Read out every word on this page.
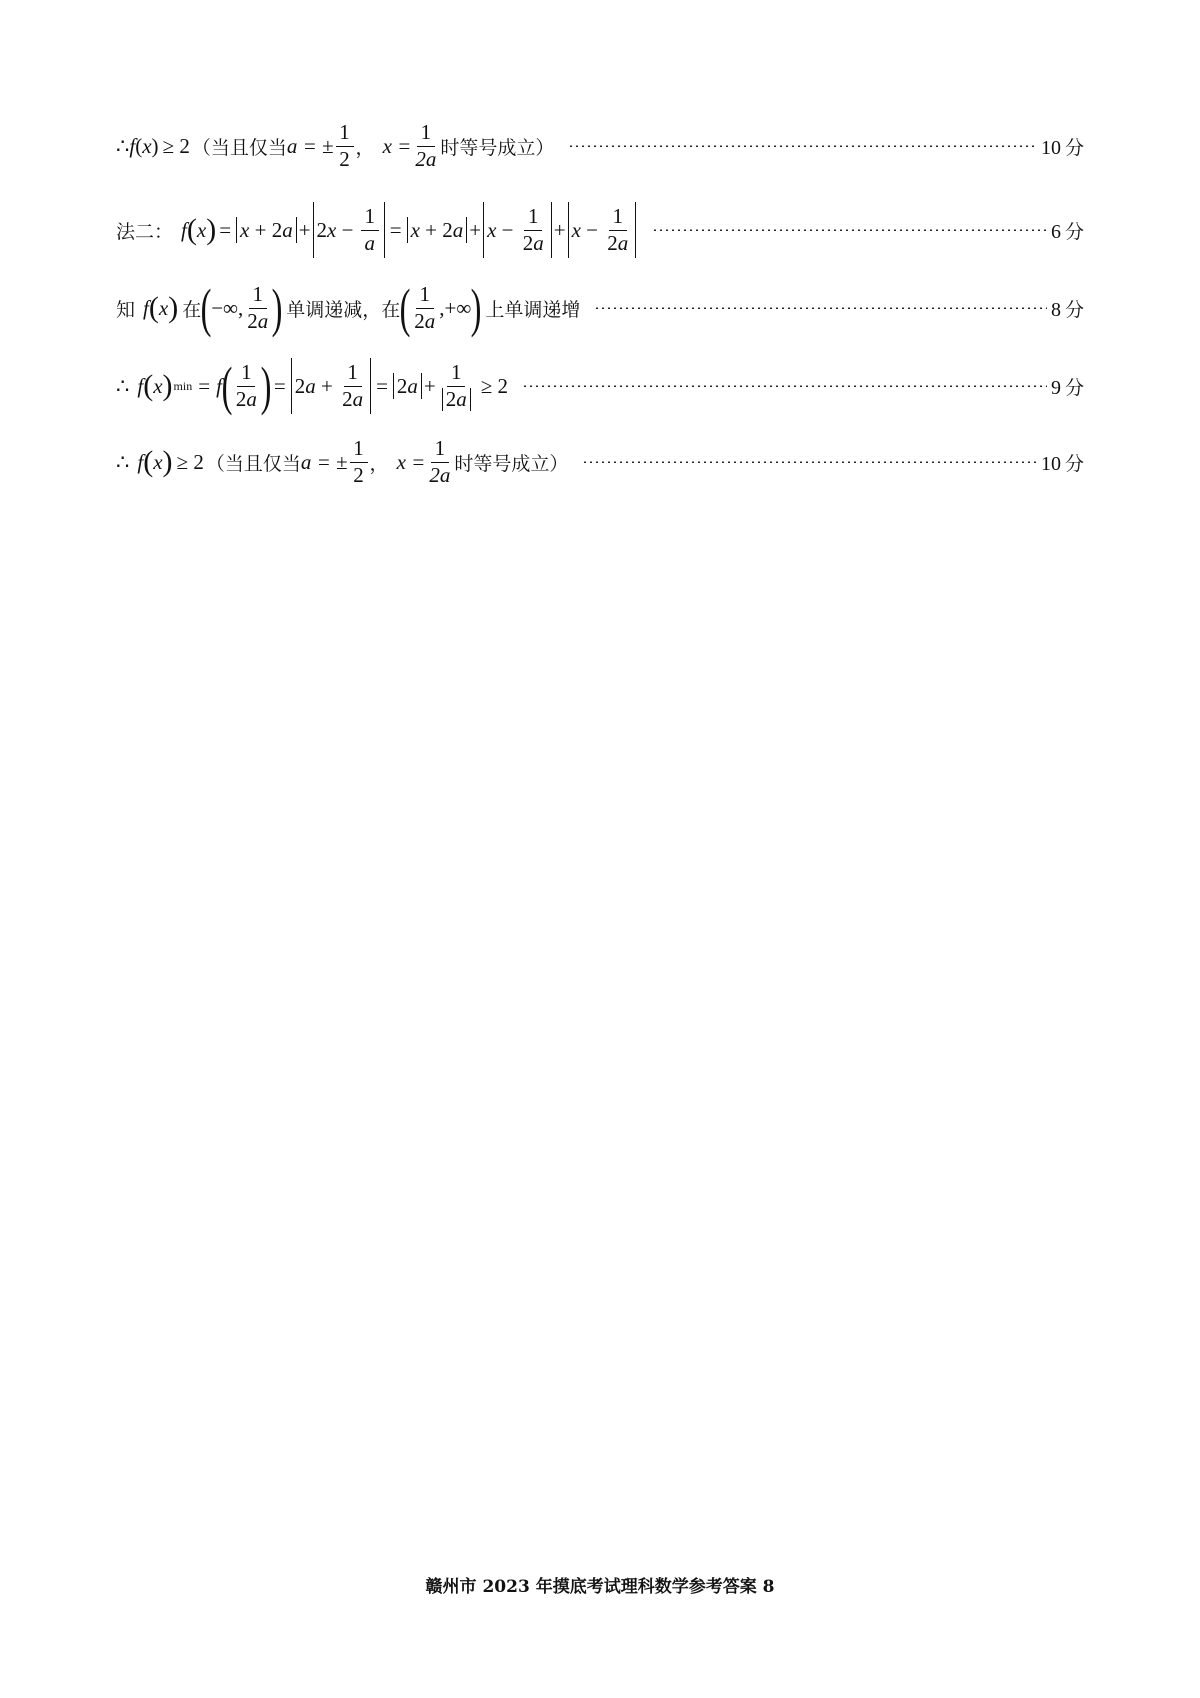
∴ f ( x ) ≥ 2 （当且仅当 a = ± $\frac{1}{2}$ ， $x = \frac{1}{2a}$ 时等号成立）	10 分
法二： f ( x ) = x + 2 a + 2 $x - \frac{1}{a} = x + 2$ $a + x - \frac{1}{2a} + x - \frac{1}{2a}$	6 分
知 f ( x ) 在 ( −∞, $\frac{1}{2a}$ ) 单调递减，在 ( $\frac{1}{2a}$ ,+∞ ) 上单调递增	8 分
∴ f ( x ) min = f ( $\frac{1}{2a}$ ) = 2 $a + \frac{1}{2a} = 2$ $a + \frac{1}{2 a} \ge 2$	9 分
∴ f ( x ) ≥ 2 （当且仅当 a = ± $\frac{1}{2}$ ， $x = \frac{1}{2a}$ 时等号成立）	10 分
赣州市 2023 年摸底考试理科数学参考答案 8
